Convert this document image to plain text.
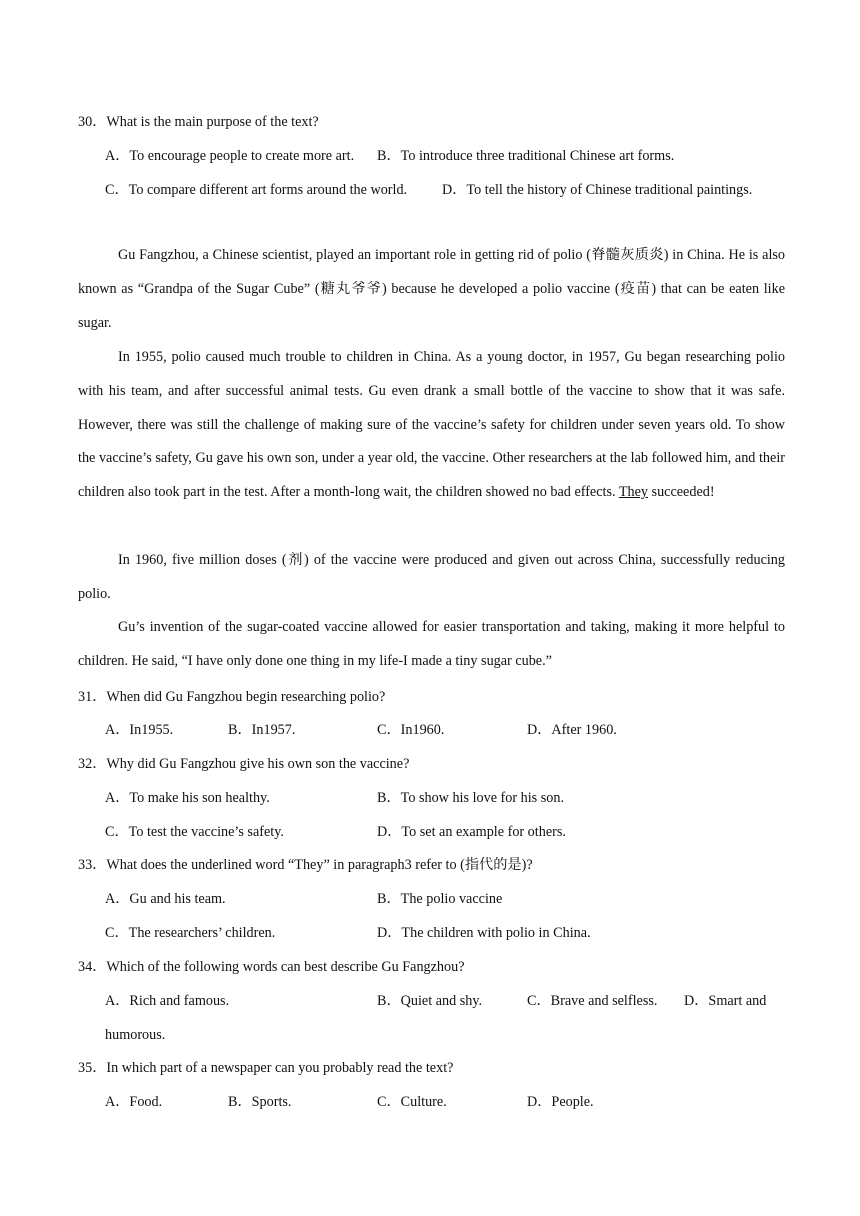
30．What is the main purpose of the text?
A．To encourage people to create more art. B．To introduce three traditional Chinese art forms.
C．To compare different art forms around the world. D．To tell the history of Chinese traditional paintings.
Gu Fangzhou, a Chinese scientist, played an important role in getting rid of polio (脊髓灰质炎) in China. He is also known as “Grandpa of the Sugar Cube” (糖丸爷爷) because he developed a polio vaccine (疫苗) that can be eaten like sugar.
In 1955, polio caused much trouble to children in China. As a young doctor, in 1957, Gu began researching polio with his team, and after successful animal tests. Gu even drank a small bottle of the vaccine to show that it was safe. However, there was still the challenge of making sure of the vaccine’s safety for children under seven years old. To show the vaccine’s safety, Gu gave his own son, under a year old, the vaccine. Other researchers at the lab followed him, and their children also took part in the test. After a month-long wait, the children showed no bad effects. They succeeded!
In 1960, five million doses (剂) of the vaccine were produced and given out across China, successfully reducing polio.
Gu’s invention of the sugar-coated vaccine allowed for easier transportation and taking, making it more helpful to children. He said, “I have only done one thing in my life-I made a tiny sugar cube.”
31．When did Gu Fangzhou begin researching polio?
A．In1955.	B．In1957.	C．In1960.	D．After 1960.
32．Why did Gu Fangzhou give his own son the vaccine?
A．To make his son healthy.	B．To show his love for his son.
C．To test the vaccine’s safety.	D．To set an example for others.
33．What does the underlined word “They” in paragraph3 refer to (指代的是)?
A．Gu and his team.	B．The polio vaccine
C．The researchers’ children.	D．The children with polio in China.
34．Which of the following words can best describe Gu Fangzhou?
A．Rich and famous.	B．Quiet and shy.	C．Brave and selfless. D．Smart and
humorous.
35．In which part of a newspaper can you probably read the text?
A．Food.	B．Sports.	C．Culture.	D．People.
